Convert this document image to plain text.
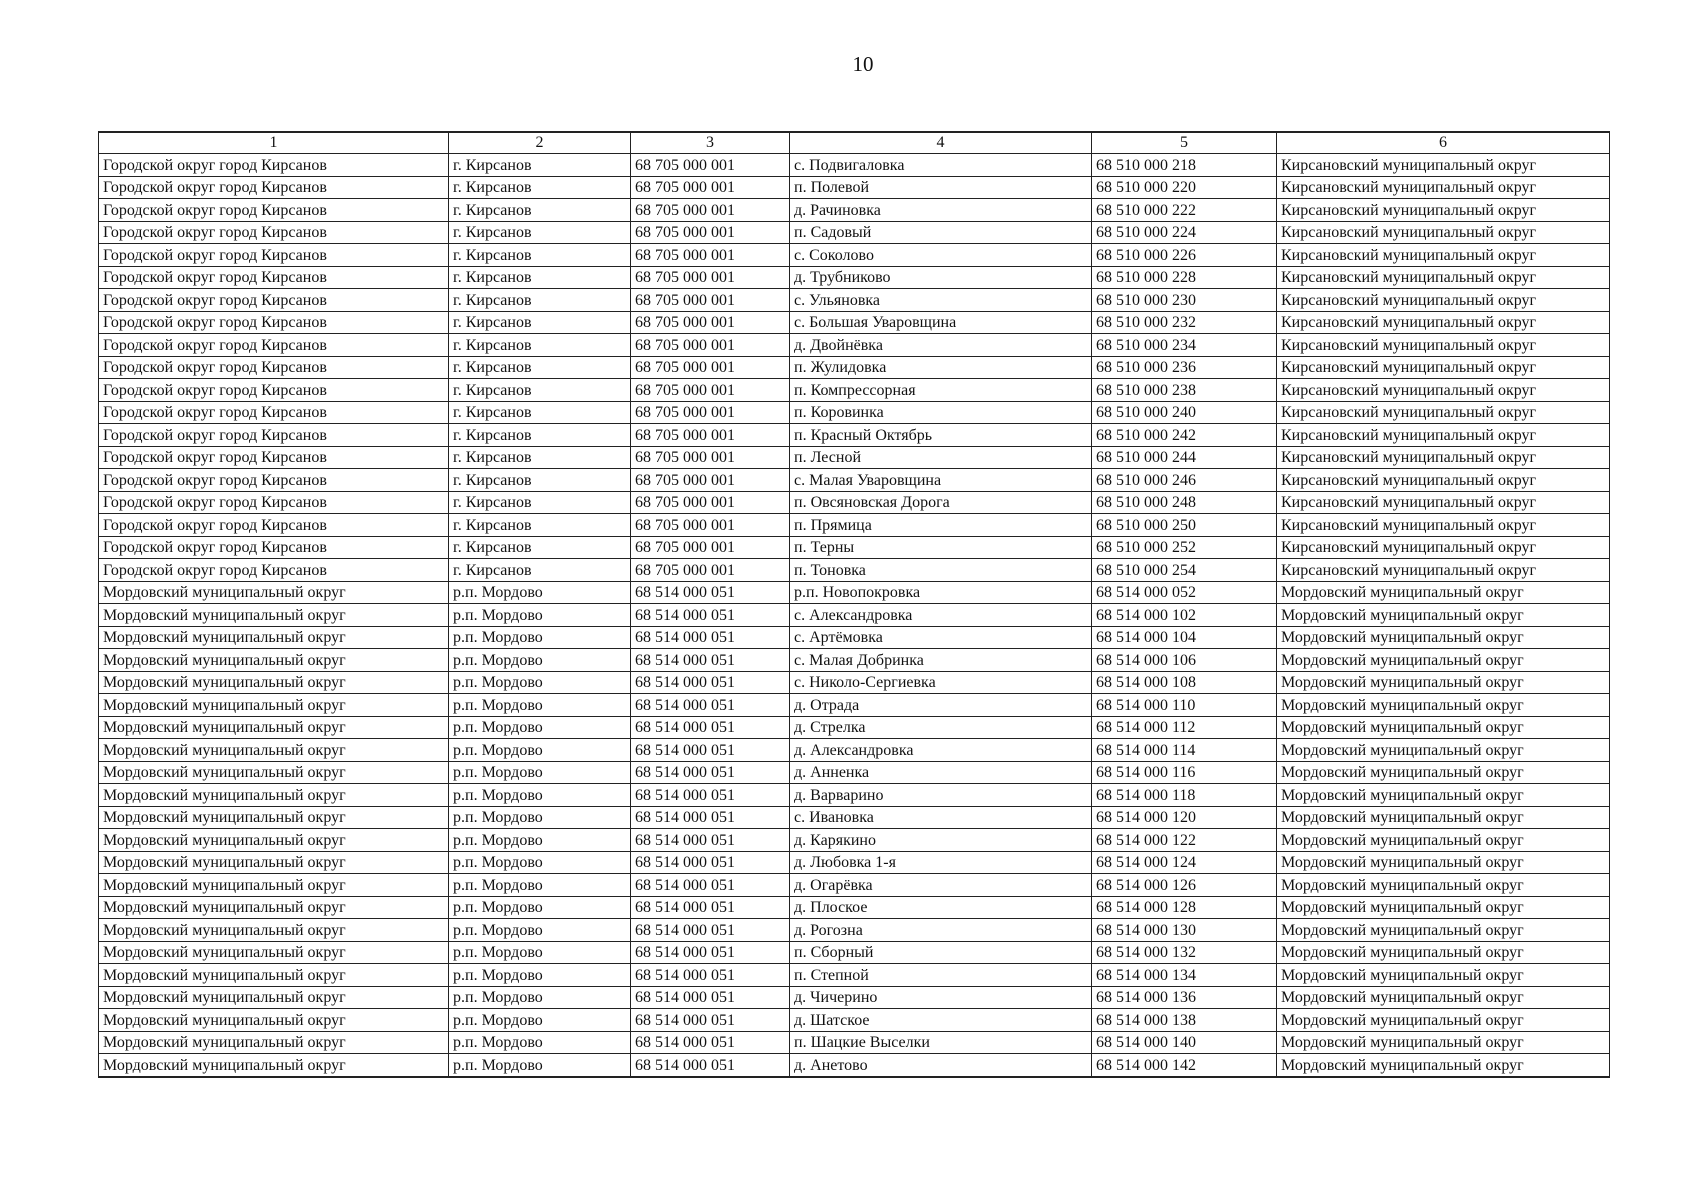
10
1	2	3	4	5	6
Городской округ город Кирсанов	г. Кирсанов	68 705 000 001	с. Подвигаловка	68 510 000 218	Кирсановский муниципальный округ
Городской округ город Кирсанов	г. Кирсанов	68 705 000 001	п. Полевой	68 510 000 220	Кирсановский муниципальный округ
Городской округ город Кирсанов	г. Кирсанов	68 705 000 001	д. Рачиновка	68 510 000 222	Кирсановский муниципальный округ
Городской округ город Кирсанов	г. Кирсанов	68 705 000 001	п. Садовый	68 510 000 224	Кирсановский муниципальный округ
Городской округ город Кирсанов	г. Кирсанов	68 705 000 001	с. Соколово	68 510 000 226	Кирсановский муниципальный округ
Городской округ город Кирсанов	г. Кирсанов	68 705 000 001	д. Трубниково	68 510 000 228	Кирсановский муниципальный округ
Городской округ город Кирсанов	г. Кирсанов	68 705 000 001	с. Ульяновка	68 510 000 230	Кирсановский муниципальный округ
Городской округ город Кирсанов	г. Кирсанов	68 705 000 001	с. Большая Уваровщина	68 510 000 232	Кирсановский муниципальный округ
Городской округ город Кирсанов	г. Кирсанов	68 705 000 001	д. Двойнёвка	68 510 000 234	Кирсановский муниципальный округ
Городской округ город Кирсанов	г. Кирсанов	68 705 000 001	п. Жулидовка	68 510 000 236	Кирсановский муниципальный округ
Городской округ город Кирсанов	г. Кирсанов	68 705 000 001	п. Компрессорная	68 510 000 238	Кирсановский муниципальный округ
Городской округ город Кирсанов	г. Кирсанов	68 705 000 001	п. Коровинка	68 510 000 240	Кирсановский муниципальный округ
Городской округ город Кирсанов	г. Кирсанов	68 705 000 001	п. Красный Октябрь	68 510 000 242	Кирсановский муниципальный округ
Городской округ город Кирсанов	г. Кирсанов	68 705 000 001	п. Лесной	68 510 000 244	Кирсановский муниципальный округ
Городской округ город Кирсанов	г. Кирсанов	68 705 000 001	с. Малая Уваровщина	68 510 000 246	Кирсановский муниципальный округ
Городской округ город Кирсанов	г. Кирсанов	68 705 000 001	п. Овсяновская Дорога	68 510 000 248	Кирсановский муниципальный округ
Городской округ город Кирсанов	г. Кирсанов	68 705 000 001	п. Прямица	68 510 000 250	Кирсановский муниципальный округ
Городской округ город Кирсанов	г. Кирсанов	68 705 000 001	п. Терны	68 510 000 252	Кирсановский муниципальный округ
Городской округ город Кирсанов	г. Кирсанов	68 705 000 001	п. Тоновка	68 510 000 254	Кирсановский муниципальный округ
Мордовский муниципальный округ	р.п. Мордово	68 514 000 051	р.п. Новопокровка	68 514 000 052	Мордовский муниципальный округ
Мордовский муниципальный округ	р.п. Мордово	68 514 000 051	с. Александровка	68 514 000 102	Мордовский муниципальный округ
Мордовский муниципальный округ	р.п. Мордово	68 514 000 051	с. Артёмовка	68 514 000 104	Мордовский муниципальный округ
Мордовский муниципальный округ	р.п. Мордово	68 514 000 051	с. Малая Добринка	68 514 000 106	Мордовский муниципальный округ
Мордовский муниципальный округ	р.п. Мордово	68 514 000 051	с. Николо-Сергиевка	68 514 000 108	Мордовский муниципальный округ
Мордовский муниципальный округ	р.п. Мордово	68 514 000 051	д. Отрада	68 514 000 110	Мордовский муниципальный округ
Мордовский муниципальный округ	р.п. Мордово	68 514 000 051	д. Стрелка	68 514 000 112	Мордовский муниципальный округ
Мордовский муниципальный округ	р.п. Мордово	68 514 000 051	д. Александровка	68 514 000 114	Мордовский муниципальный округ
Мордовский муниципальный округ	р.п. Мордово	68 514 000 051	д. Анненка	68 514 000 116	Мордовский муниципальный округ
Мордовский муниципальный округ	р.п. Мордово	68 514 000 051	д. Варварино	68 514 000 118	Мордовский муниципальный округ
Мордовский муниципальный округ	р.п. Мордово	68 514 000 051	с. Ивановка	68 514 000 120	Мордовский муниципальный округ
Мордовский муниципальный округ	р.п. Мордово	68 514 000 051	д. Карякино	68 514 000 122	Мордовский муниципальный округ
Мордовский муниципальный округ	р.п. Мордово	68 514 000 051	д. Любовка 1-я	68 514 000 124	Мордовский муниципальный округ
Мордовский муниципальный округ	р.п. Мордово	68 514 000 051	д. Огарёвка	68 514 000 126	Мордовский муниципальный округ
Мордовский муниципальный округ	р.п. Мордово	68 514 000 051	д. Плоское	68 514 000 128	Мордовский муниципальный округ
Мордовский муниципальный округ	р.п. Мордово	68 514 000 051	д. Рогозна	68 514 000 130	Мордовский муниципальный округ
Мордовский муниципальный округ	р.п. Мордово	68 514 000 051	п. Сборный	68 514 000 132	Мордовский муниципальный округ
Мордовский муниципальный округ	р.п. Мордово	68 514 000 051	п. Степной	68 514 000 134	Мордовский муниципальный округ
Мордовский муниципальный округ	р.п. Мордово	68 514 000 051	д. Чичерино	68 514 000 136	Мордовский муниципальный округ
Мордовский муниципальный округ	р.п. Мордово	68 514 000 051	д. Шатское	68 514 000 138	Мордовский муниципальный округ
Мордовский муниципальный округ	р.п. Мордово	68 514 000 051	п. Шацкие Выселки	68 514 000 140	Мордовский муниципальный округ
Мордовский муниципальный округ	р.п. Мордово	68 514 000 051	д. Анетово	68 514 000 142	Мордовский муниципальный округ
